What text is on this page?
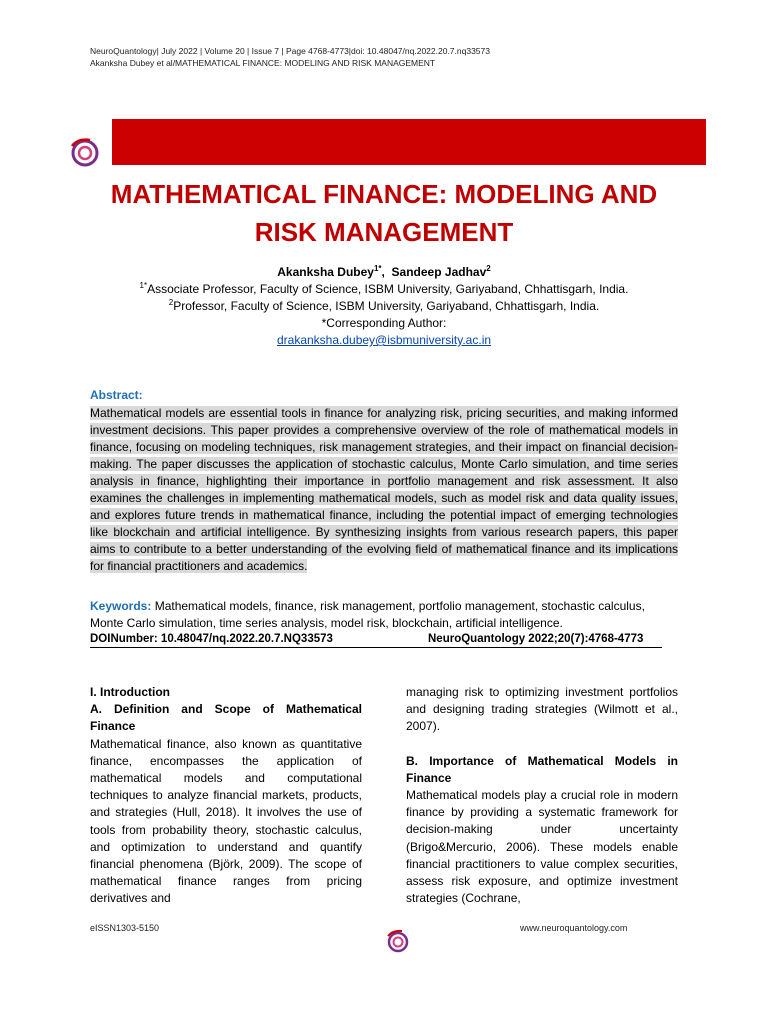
NeuroQuantology| July 2022 | Volume 20 | Issue 7 | Page 4768-4773|doi: 10.48047/nq.2022.20.7.nq33573
Akanksha Dubey et al/MATHEMATICAL FINANCE: MODELING AND RISK MANAGEMENT
MATHEMATICAL FINANCE: MODELING AND
RISK MANAGEMENT
Akanksha Dubey$^{1*}$,  Sandeep Jadhav$^2$
$^{1*}$Associate Professor, Faculty of Science, ISBM University, Gariyaband, Chhattisgarh, India.
$^2$Professor, Faculty of Science, ISBM University, Gariyaband, Chhattisgarh, India.
*Corresponding Author:
drakanksha.dubey@isbmuniversity.ac.in
Abstract:
Mathematical models are essential tools in finance for analyzing risk, pricing securities, and making informed investment decisions. This paper provides a comprehensive overview of the role of mathematical models in finance, focusing on modeling techniques, risk management strategies, and their impact on financial decision-making. The paper discusses the application of stochastic calculus, Monte Carlo simulation, and time series analysis in finance, highlighting their importance in portfolio management and risk assessment. It also examines the challenges in implementing mathematical models, such as model risk and data quality issues, and explores future trends in mathematical finance, including the potential impact of emerging technologies like blockchain and artificial intelligence. By synthesizing insights from various research papers, this paper aims to contribute to a better understanding of the evolving field of mathematical finance and its implications for financial practitioners and academics.
Keywords: Mathematical models, finance, risk management, portfolio management, stochastic calculus, Monte Carlo simulation, time series analysis, model risk, blockchain, artificial intelligence.
DOINumber: 10.48047/nq.2022.20.7.NQ33573	NeuroQuantology 2022;20(7):4768-4773

I. Introduction

A. Definition and Scope of Mathematical Finance

Mathematical finance, also known as quantitative finance, encompasses the application of mathematical models and computational techniques to analyze financial markets, products, and strategies (Hull, 2018). It involves the use of tools from probability theory, stochastic calculus, and optimization to understand and quantify financial phenomena (Björk, 2009). The scope of mathematical finance ranges from pricing derivatives and

managing risk to optimizing investment portfolios and designing trading strategies (Wilmott et al., 2007).

B. Importance of Mathematical Models in Finance

Mathematical models play a crucial role in modern finance by providing a systematic framework for decision-making under uncertainty (Brigo&Mercurio, 2006). These models enable financial practitioners to value complex securities, assess risk exposure, and optimize investment strategies (Cochrane,

eISSN1303-5150	www.neuroquantology.com
